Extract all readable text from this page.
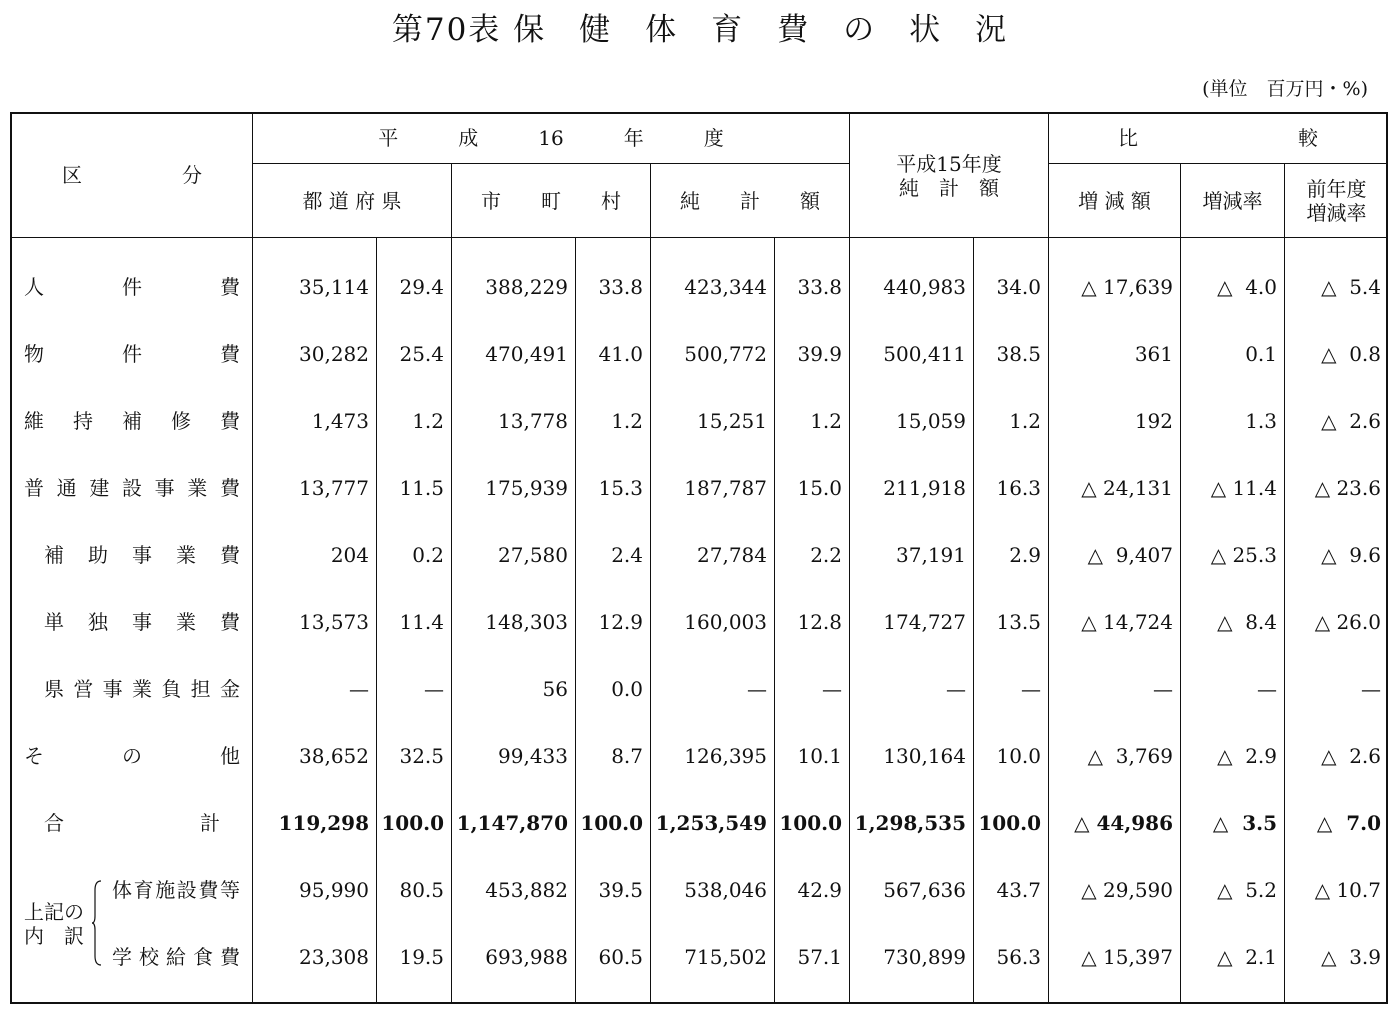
第70表 保　健　体　育　費　の　状　況
(単位　百万円・%)
区　　　　　分
平　　　成　　　16　　　年　　　度
都 道 府 県	市　　町　　村	純　　計　　額
平成15年度
純　計　額
比　　　　　　　　較
増 減 額	増減率	前年度
増減率
人	件	費	35,114	29.4	388,229	33.8	423,344	33.8	440,983	34.0	△ 17,639	△  4.0	△  5.4
物	件	費	30,282	25.4	470,491	41.0	500,772	39.9	500,411	38.5	361	0.1	△  0.8
維 持 補 修 費	1,473	1.2	13,778	1.2	15,251	1.2	15,059	1.2	192	1.3	△  2.6
普 通 建 設 事 業 費	13,777	11.5	175,939	15.3	187,787	15.0	211,918	16.3	△ 24,131	△ 11.4	△ 23.6
補 助 事 業 費	204	0.2	27,580	2.4	27,784	2.2	37,191	2.9	△  9,407	△ 25.3	△  9.6
単 独 事 業 費	13,573	11.4	148,303	12.9	160,003	12.8	174,727	13.5	△ 14,724	△  8.4	△ 26.0
県 営 事 業 負 担 金	—	—	56	0.0	—	—	—	—	—	—	—
そ	の	他	38,652	32.5	99,433	8.7	126,395	10.1	130,164	10.0	△  3,769	△  2.9	△  2.6
合	計	119,298 100.0 1,147,870 100.0 1,253,549 100.0 1,298,535 100.0	△ 44,986	△  3.5	△  7.0
体 育 施 設 費 等	95,990	80.5	453,882	39.5	538,046	42.9	567,636	43.7	△ 29,590	△  5.2	△ 10.7
学 校 給 食 費	23,308	19.5	693,988	60.5	715,502	57.1	730,899	56.3	△ 15,397	△  2.1	△  3.9
上記の
内　訳
